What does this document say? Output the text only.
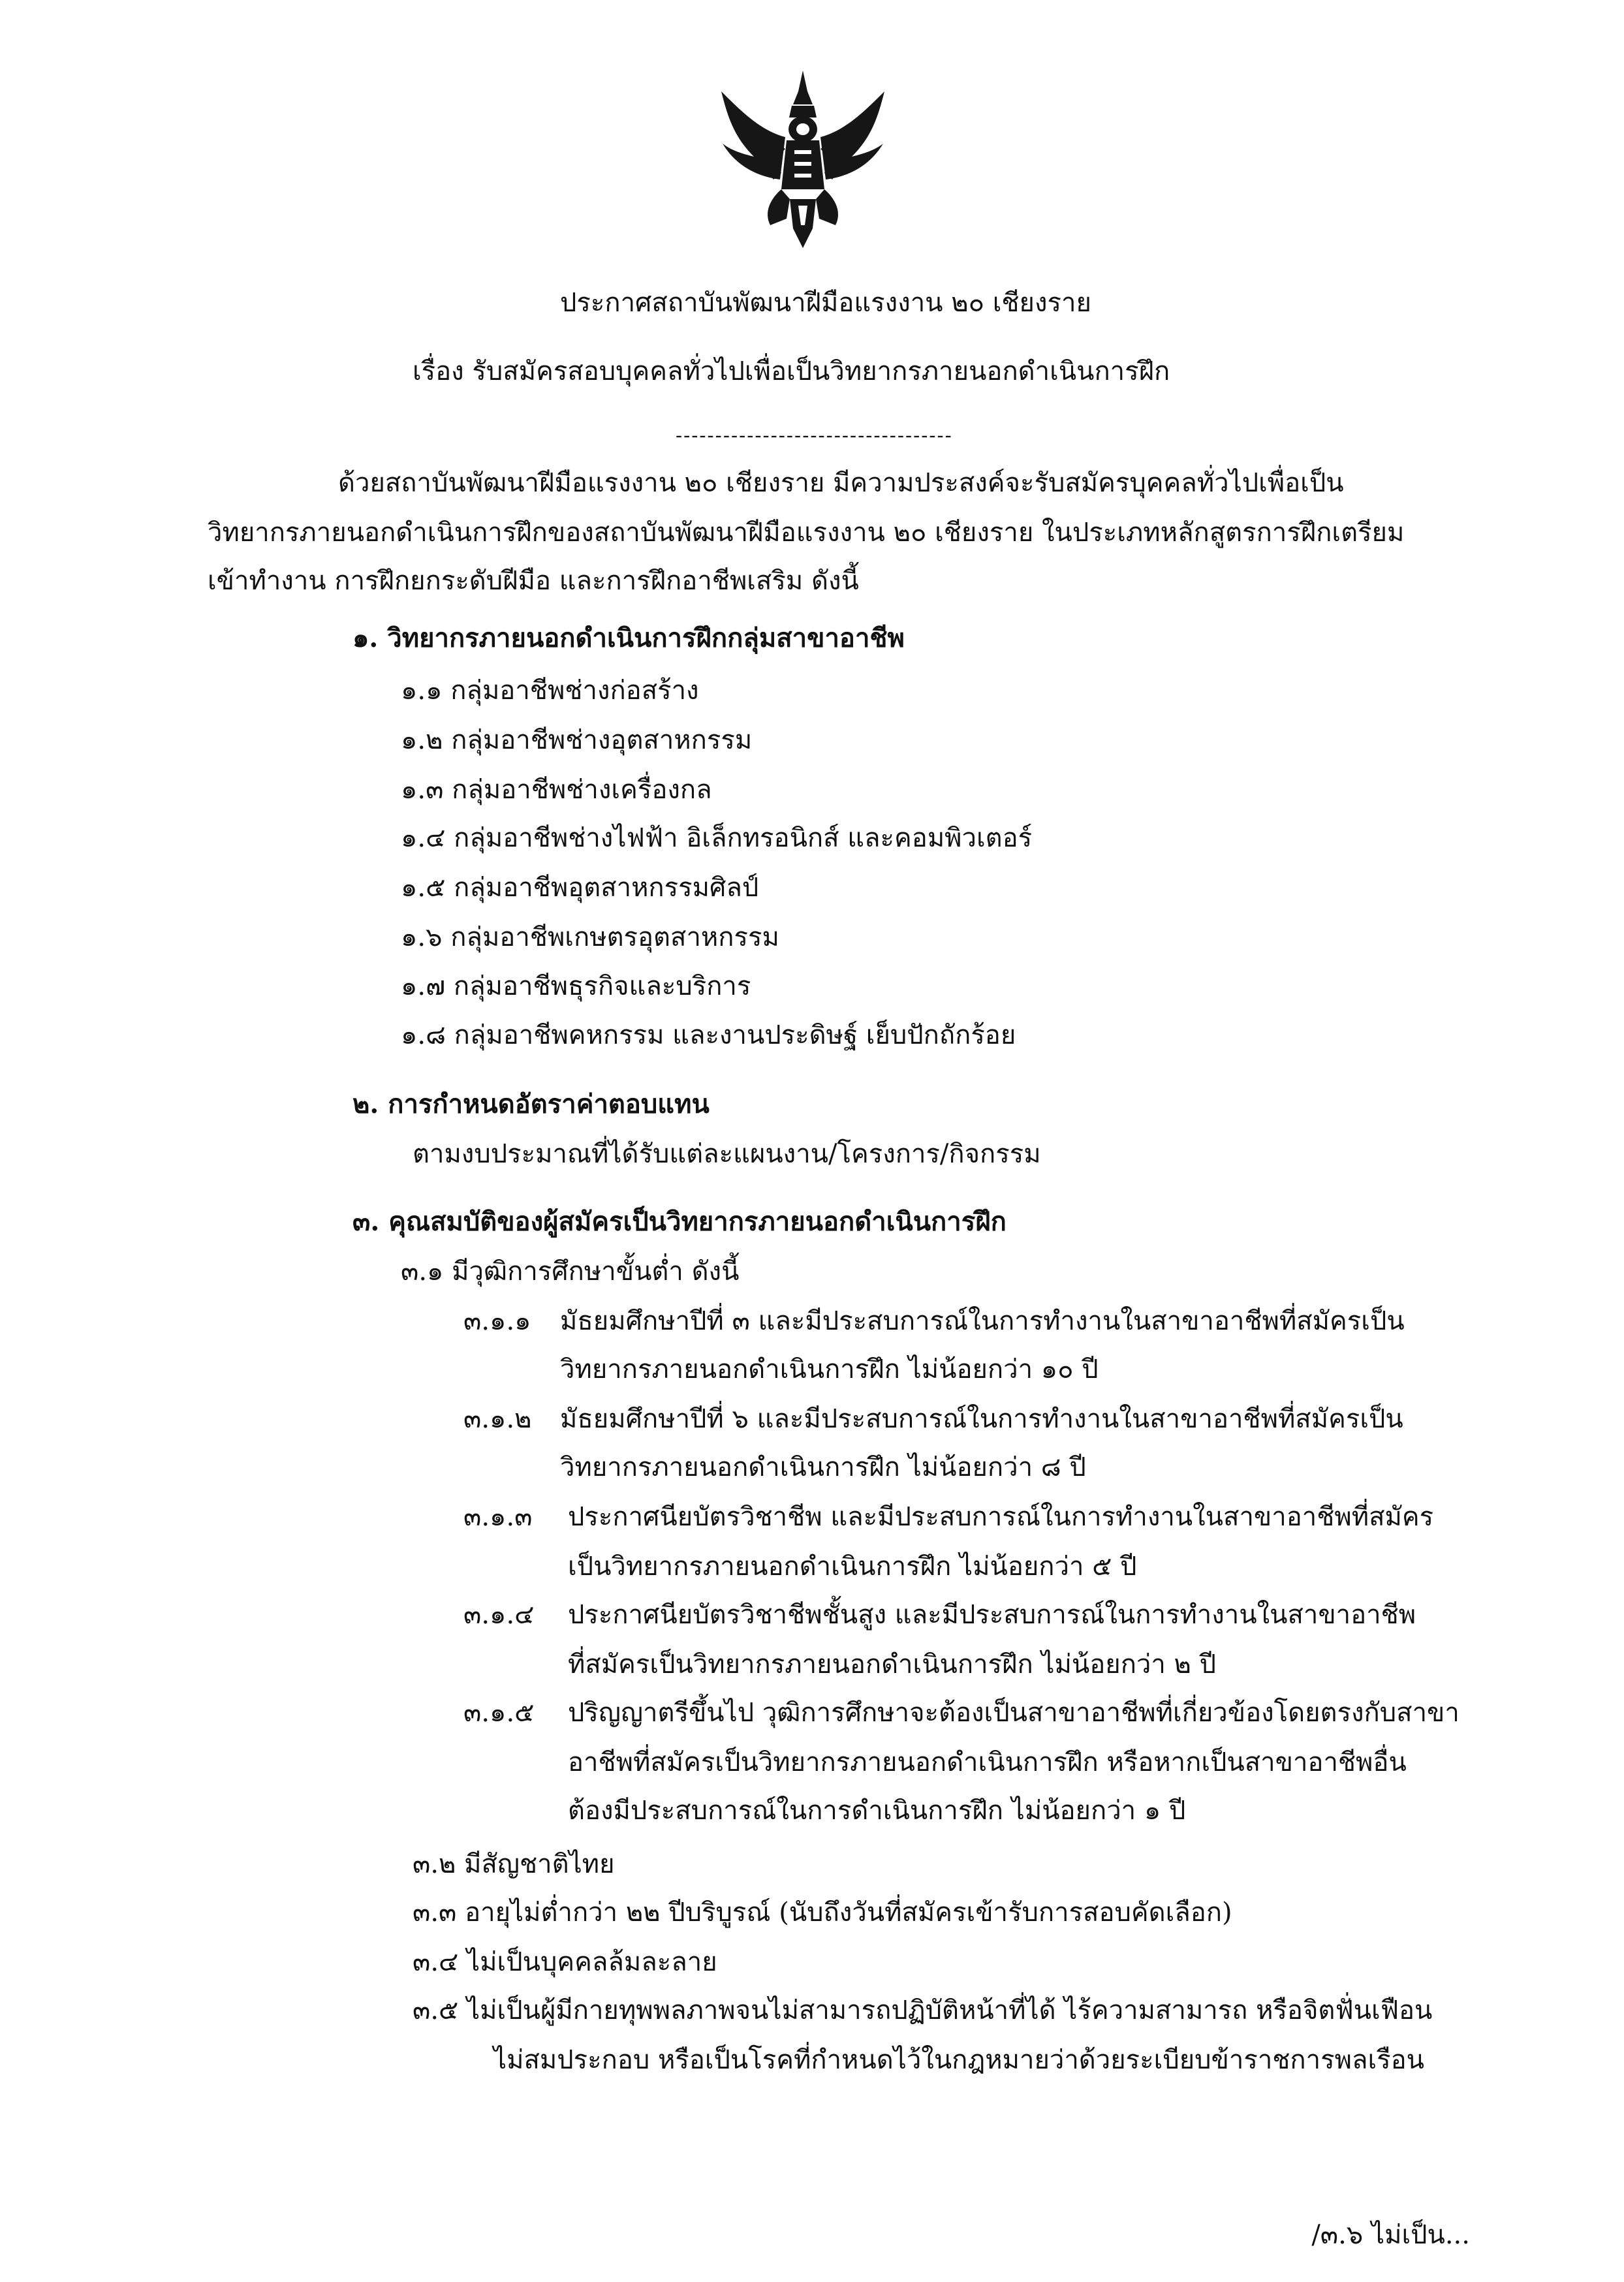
ประกาศสถาบันพัฒนาฝีมือแรงงาน ๒๐ เชียงราย
เรื่อง รับสมัครสอบบุคคลทั่วไปเพื่อเป็นวิทยากรภายนอกดำเนินการฝึก
-----------------------------------
ด้วยสถาบันพัฒนาฝีมือแรงงาน ๒๐ เชียงราย มีความประสงค์จะรับสมัครบุคคลทั่วไปเพื่อเป็น
วิทยากรภายนอกดำเนินการฝึกของสถาบันพัฒนาฝีมือแรงงาน ๒๐ เชียงราย ในประเภทหลักสูตรการฝึกเตรียม
เข้าทำงาน การฝึกยกระดับฝีมือ และการฝึกอาชีพเสริม ดังนี้
๑. วิทยากรภายนอกดำเนินการฝึกกลุ่มสาขาอาชีพ
๑.๑ กลุ่มอาชีพช่างก่อสร้าง
๑.๒ กลุ่มอาชีพช่างอุตสาหกรรม
๑.๓ กลุ่มอาชีพช่างเครื่องกล
๑.๔ กลุ่มอาชีพช่างไฟฟ้า อิเล็กทรอนิกส์ และคอมพิวเตอร์
๑.๕ กลุ่มอาชีพอุตสาหกรรมศิลป์
๑.๖ กลุ่มอาชีพเกษตรอุตสาหกรรม
๑.๗ กลุ่มอาชีพธุรกิจและบริการ
๑.๘ กลุ่มอาชีพคหกรรม และงานประดิษฐ์ เย็บปักถักร้อย
๒. การกำหนดอัตราค่าตอบแทน
ตามงบประมาณที่ได้รับแต่ละแผนงาน/โครงการ/กิจกรรม
๓. คุณสมบัติของผู้สมัครเป็นวิทยากรภายนอกดำเนินการฝึก
๓.๑ มีวุฒิการศึกษาขั้นต่ำ ดังนี้
๓.๑.๑ มัธยมศึกษาปีที่ ๓ และมีประสบการณ์ในการทำงานในสาขาอาชีพที่สมัครเป็น
วิทยากรภายนอกดำเนินการฝึก ไม่น้อยกว่า ๑๐ ปี
๓.๑.๒ มัธยมศึกษาปีที่ ๖ และมีประสบการณ์ในการทำงานในสาขาอาชีพที่สมัครเป็น
วิทยากรภายนอกดำเนินการฝึก ไม่น้อยกว่า ๘ ปี
๓.๑.๓ ประกาศนียบัตรวิชาชีพ และมีประสบการณ์ในการทำงานในสาขาอาชีพที่สมัคร
เป็นวิทยากรภายนอกดำเนินการฝึก ไม่น้อยกว่า ๕ ปี
๓.๑.๔ ประกาศนียบัตรวิชาชีพชั้นสูง และมีประสบการณ์ในการทำงานในสาขาอาชีพ
ที่สมัครเป็นวิทยากรภายนอกดำเนินการฝึก ไม่น้อยกว่า ๒ ปี
๓.๑.๕ ปริญญาตรีขึ้นไป วุฒิการศึกษาจะต้องเป็นสาขาอาชีพที่เกี่ยวข้องโดยตรงกับสาขา
อาชีพที่สมัครเป็นวิทยากรภายนอกดำเนินการฝึก หรือหากเป็นสาขาอาชีพอื่น
ต้องมีประสบการณ์ในการดำเนินการฝึก ไม่น้อยกว่า ๑ ปี
๓.๒ มีสัญชาติไทย
๓.๓ อายุไม่ต่ำกว่า ๒๒ ปีบริบูรณ์ (นับถึงวันที่สมัครเข้ารับการสอบคัดเลือก)
๓.๔ ไม่เป็นบุคคลล้มละลาย
๓.๕ ไม่เป็นผู้มีกายทุพพลภาพจนไม่สามารถปฏิบัติหน้าที่ได้ ไร้ความสามารถ หรือจิตฟั่นเฟือน
ไม่สมประกอบ หรือเป็นโรคที่กำหนดไว้ในกฎหมายว่าด้วยระเบียบข้าราชการพลเรือน
/๓.๖ ไม่เป็น...
